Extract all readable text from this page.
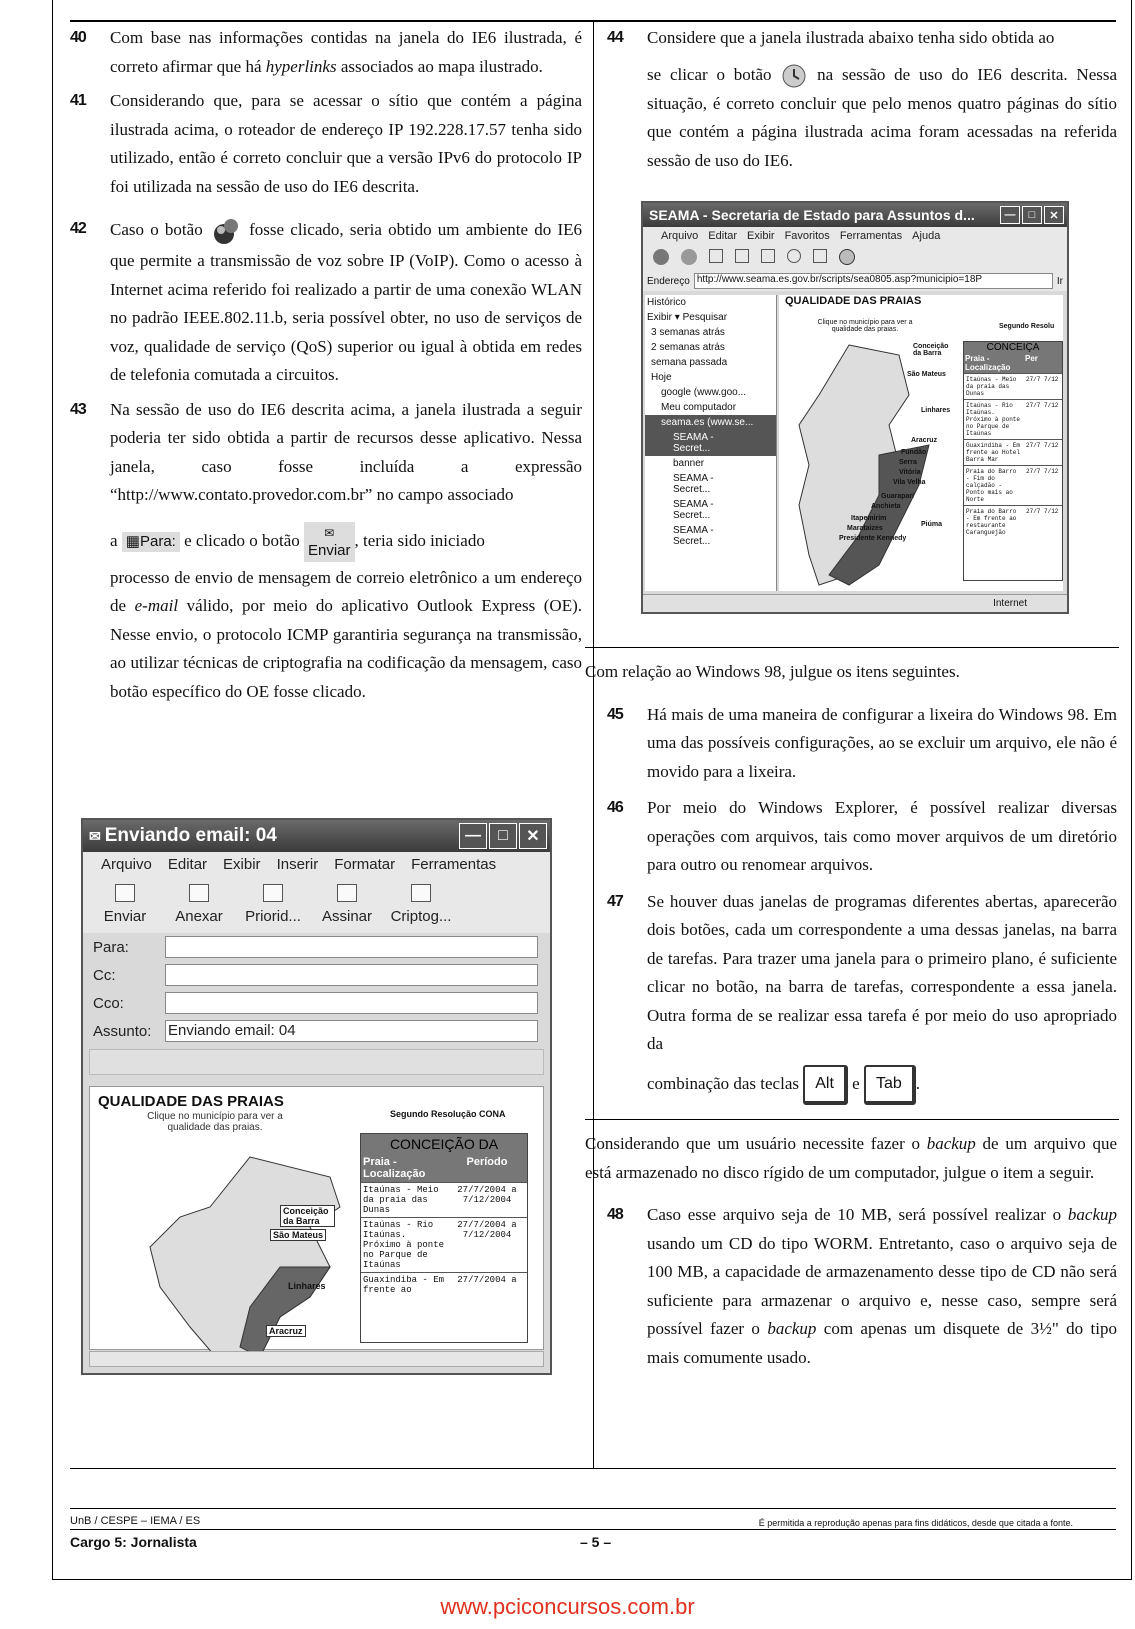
40 Com base nas informações contidas na janela do IE6 ilustrada, é correto afirmar que há hyperlinks associados ao mapa ilustrado.
41 Considerando que, para se acessar o sítio que contém a página ilustrada acima, o roteador de endereço IP 192.228.17.57 tenha sido utilizado, então é correto concluir que a versão IPv6 do protocolo IP foi utilizada na sessão de uso do IE6 descrita.
42 Caso o botão	fosse clicado, seria obtido um ambiente do IE6 que permite a transmissão de voz sobre IP (VoIP). Como o acesso à Internet acima referido foi realizado a partir de uma conexão WLAN no padrão IEEE.802.11.b, seria possível obter, no uso de serviços de voz, qualidade de serviço (QoS) superior ou igual à obtida em redes de telefonia comutada a circuitos.
43 Na sessão de uso do IE6 descrita acima, a janela ilustrada a seguir poderia ter sido obtida a partir de recursos desse aplicativo. Nessa janela, caso fosse incluída a expressão “http://www.contato.provedor.com.br” no campo associado
a ▦Para: e clicado o botão	✉
Enviar, teria sido iniciado
processo de envio de mensagem de correio eletrônico a um endereço de e-mail válido, por meio do aplicativo Outlook Express (OE). Nesse envio, o protocolo ICMP garantiria segurança na transmissão, ao utilizar técnicas de criptografia na codificação da mensagem, caso botão específico do OE fosse clicado.
✉ Enviando email: 04	—	□	✕
Arquivo Editar Exibir Inserir Formatar Ferramentas
Enviar Anexar Priorid... Assinar Criptog...
Para:
Cc:
Cco:
Assunto:	Enviando email: 04
QUALIDADE DAS PRAIAS
Clique no município para ver a qualidade das praias.
Segundo Resolução CONA
Conceição da Barra
São Mateus
Linhares
Aracruz
CONCEIÇÃO DA
Praia - Localização
Período
Itaúnas - Meio da praia das Dunas
27/7/2004 a 7/12/2004
Itaúnas - Rio Itaúnas. Próximo à ponte no Parque de Itaúnas
27/7/2004 a 7/12/2004
Guaxindiba - Em frente ao
27/7/2004 a
44 Considere que a janela ilustrada abaixo tenha sido obtida ao
se clicar o botão	na sessão de uso do IE6 descrita. Nessa situação, é correto concluir que pelo menos quatro páginas do sítio que contém a página ilustrada acima foram acessadas na referida sessão de uso do IE6.
SEAMA - Secretaria de Estado para Assuntos d...	—	□	✕
Arquivo Editar Exibir Favoritos Ferramentas Ajuda
Endereço http://www.seama.es.gov.br/scripts/sea0805.asp?municipio=18P	Ir
Histórico
Exibir ▾ Pesquisar
3 semanas atrás
2 semanas atrás
semana passada
Hoje
google (www.goo...
Meu computador
seama.es (www.se...
SEAMA - Secret...
banner
SEAMA - Secret...
SEAMA - Secret...
SEAMA - Secret...
QUALIDADE DAS PRAIAS
Clique no município para ver a qualidade das praias.	Segundo Resolu
Conceição da Barra
São Mateus
Linhares
Aracruz
Fundão
Serra
Vitória
Vila Velha
Guarapari
Anchieta
Itapemirim
Marataizes
Presidente Kennedy
Piúma
CONCEIÇA
Praia - Localização
Per
Itaúnas - Meio da praia das Dunas
27/7 7/12
Itaúnas - Rio Itaúnas. Próximo à ponte no Parque de Itaúnas
27/7 7/12
Guaxindiba - Em frente ao Hotel Barra Mar
27/7 7/12
Praia do Barro - Fim do calçadão - Ponto mais ao Norte
27/7 7/12
Praia do Barro - Em frente ao restaurante Caranguejão
27/7 7/12
Internet
Com relação ao Windows 98, julgue os itens seguintes.
45 Há mais de uma maneira de configurar a lixeira do Windows 98. Em uma das possíveis configurações, ao se excluir um arquivo, ele não é movido para a lixeira.
46 Por meio do Windows Explorer, é possível realizar diversas operações com arquivos, tais como mover arquivos de um diretório para outro ou renomear arquivos.
47 Se houver duas janelas de programas diferentes abertas, aparecerão dois botões, cada um correspondente a uma dessas janelas, na barra de tarefas. Para trazer uma janela para o primeiro plano, é suficiente clicar no botão, na barra de tarefas, correspondente a essa janela. Outra forma de se realizar essa tarefa é por meio do uso apropriado da
combinação das teclas Alt e Tab .
Considerando que um usuário necessite fazer o backup de um arquivo que está armazenado no disco rígido de um computador, julgue o item a seguir.
48 Caso esse arquivo seja de 10 MB, será possível realizar o backup usando um CD do tipo WORM. Entretanto, caso o arquivo seja de 100 MB, a capacidade de armazenamento desse tipo de CD não será suficiente para armazenar o arquivo e, nesse caso, sempre será possível fazer o backup com apenas um disquete de 3½" do tipo mais comumente usado.
UnB / CESPE – IEMA / ES	É permitida a reprodução apenas para fins didáticos, desde que citada a fonte.
Cargo 5: Jornalista	– 5 –
www.pciconcursos.com.br
